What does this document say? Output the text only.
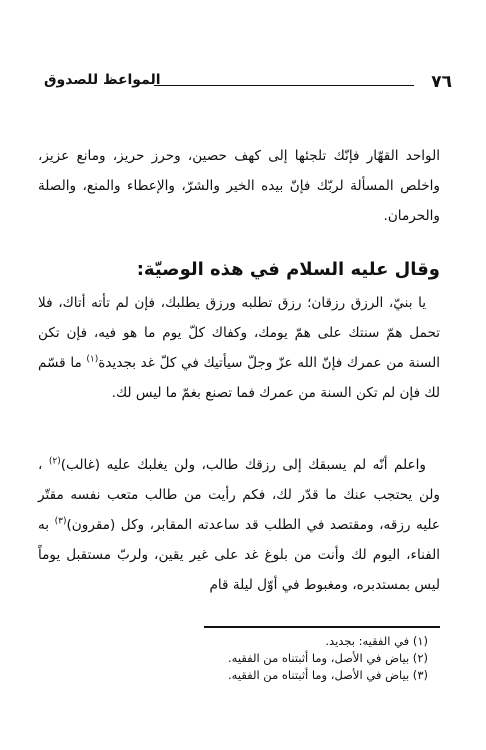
٧٦
المواعظ للصدوق

الواحد القهّار فإنّك تلجئها إلى كهف حصين، وحرز حريز، ومانع عزيز، واخلص المسألة لربّك فإنّ بيده الخير والشرّ، والإعطاء والمنع، والصلة والحرمان.

وقال عليه السلام في هذه الوصيّة:

يا بنيّ، الرزق رزقان؛ رزق تطلبه ورزق يطلبك، فإن لم تأته أتاك، فلا تحمل همّ سنتك على همّ يومك، وكفاك كلّ يوم ما هو فيه، فإن تكن السنة من عمرك فإنّ الله عزّ وجلّ سيأتيك في كلّ غد بجديدة$^{(١)}$ ما قسّم لك فإن لم تكن السنة من عمرك فما تصنع بغمّ ما ليس لك.

واعلم أنّه لم يسبقك إلى رزقك طالب، ولن يغلبك عليه (غالب)$^{(٢)}$ ، ولن يحتجب عنك ما قدّر لك، فكم رأيت من طالب متعب نفسه مقتّر عليه رزقه، ومقتصد في الطلب قد ساعدته المقابر، وكل (مقرون)$^{(٣)}$ به الفناء، اليوم لك وأنت من بلوغ غد على غير يقين، ولربّ مستقبل يوماً ليس بمستدبره، ومغبوط في أوّل ليلة قام

(١) في الفقيه: بجديد.
(٢) بياض في الأصل، وما أثبتناه من الفقيه.
(٣) بياض في الأصل، وما أثبتناه من الفقيه.
